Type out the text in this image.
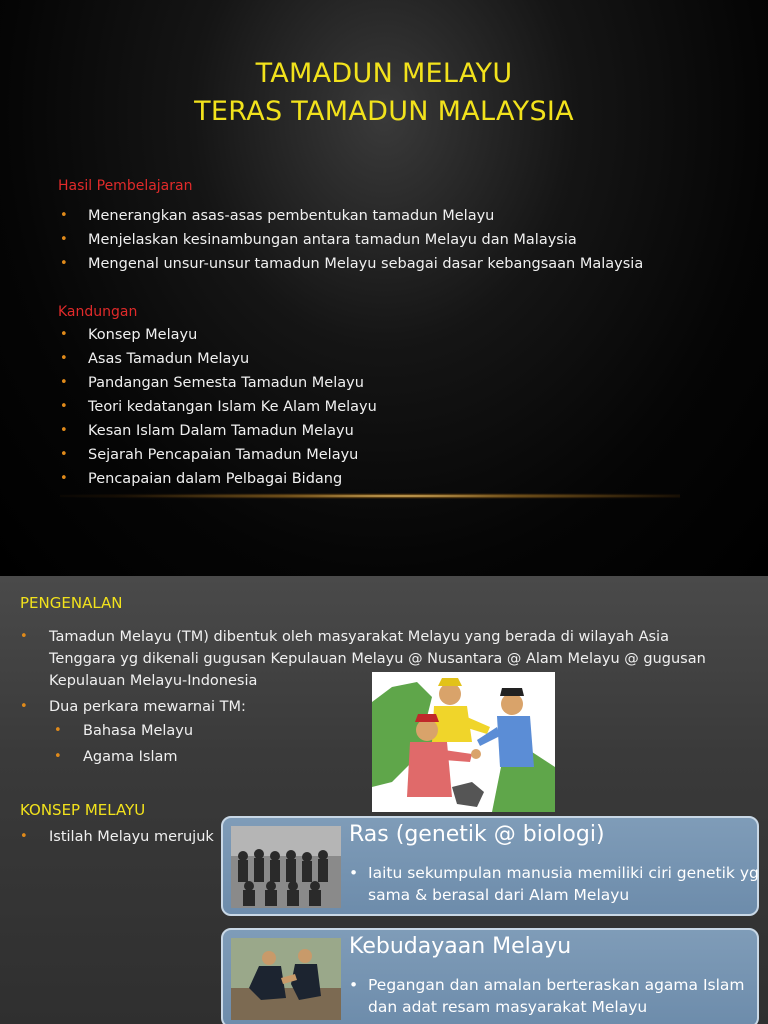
TAMADUN MELAYU
TERAS TAMADUN MALAYSIA
Hasil Pembelajaran
• Menerangkan asas-asas pembentukan tamadun Melayu
• Menjelaskan kesinambungan antara tamadun Melayu dan Malaysia
• Mengenal unsur-unsur tamadun Melayu sebagai dasar kebangsaan Malaysia
Kandungan
• Konsep Melayu
• Asas Tamadun Melayu
• Pandangan Semesta Tamadun Melayu
• Teori kedatangan Islam Ke Alam Melayu
• Kesan Islam Dalam Tamadun Melayu
• Sejarah Pencapaian Tamadun Melayu
• Pencapaian dalam Pelbagai Bidang
PENGENALAN
• Tamadun Melayu (TM) dibentuk oleh masyarakat Melayu yang berada di wilayah Asia Tenggara yg dikenali gugusan Kepulauan Melayu @ Nusantara @ Alam Melayu @ gugusan Kepulauan Melayu-Indonesia
• Dua perkara mewarnai TM:
• Bahasa Melayu
• Agama Islam
KONSEP MELAYU
• Istilah Melayu merujuk	Ras (genetik @ biologi)
• Iaitu sekumpulan manusia memiliki ciri genetik yg sama & berasal dari Alam Melayu
Kebudayaan Melayu
• Pegangan dan amalan berteraskan agama Islam dan adat resam masyarakat Melayu
